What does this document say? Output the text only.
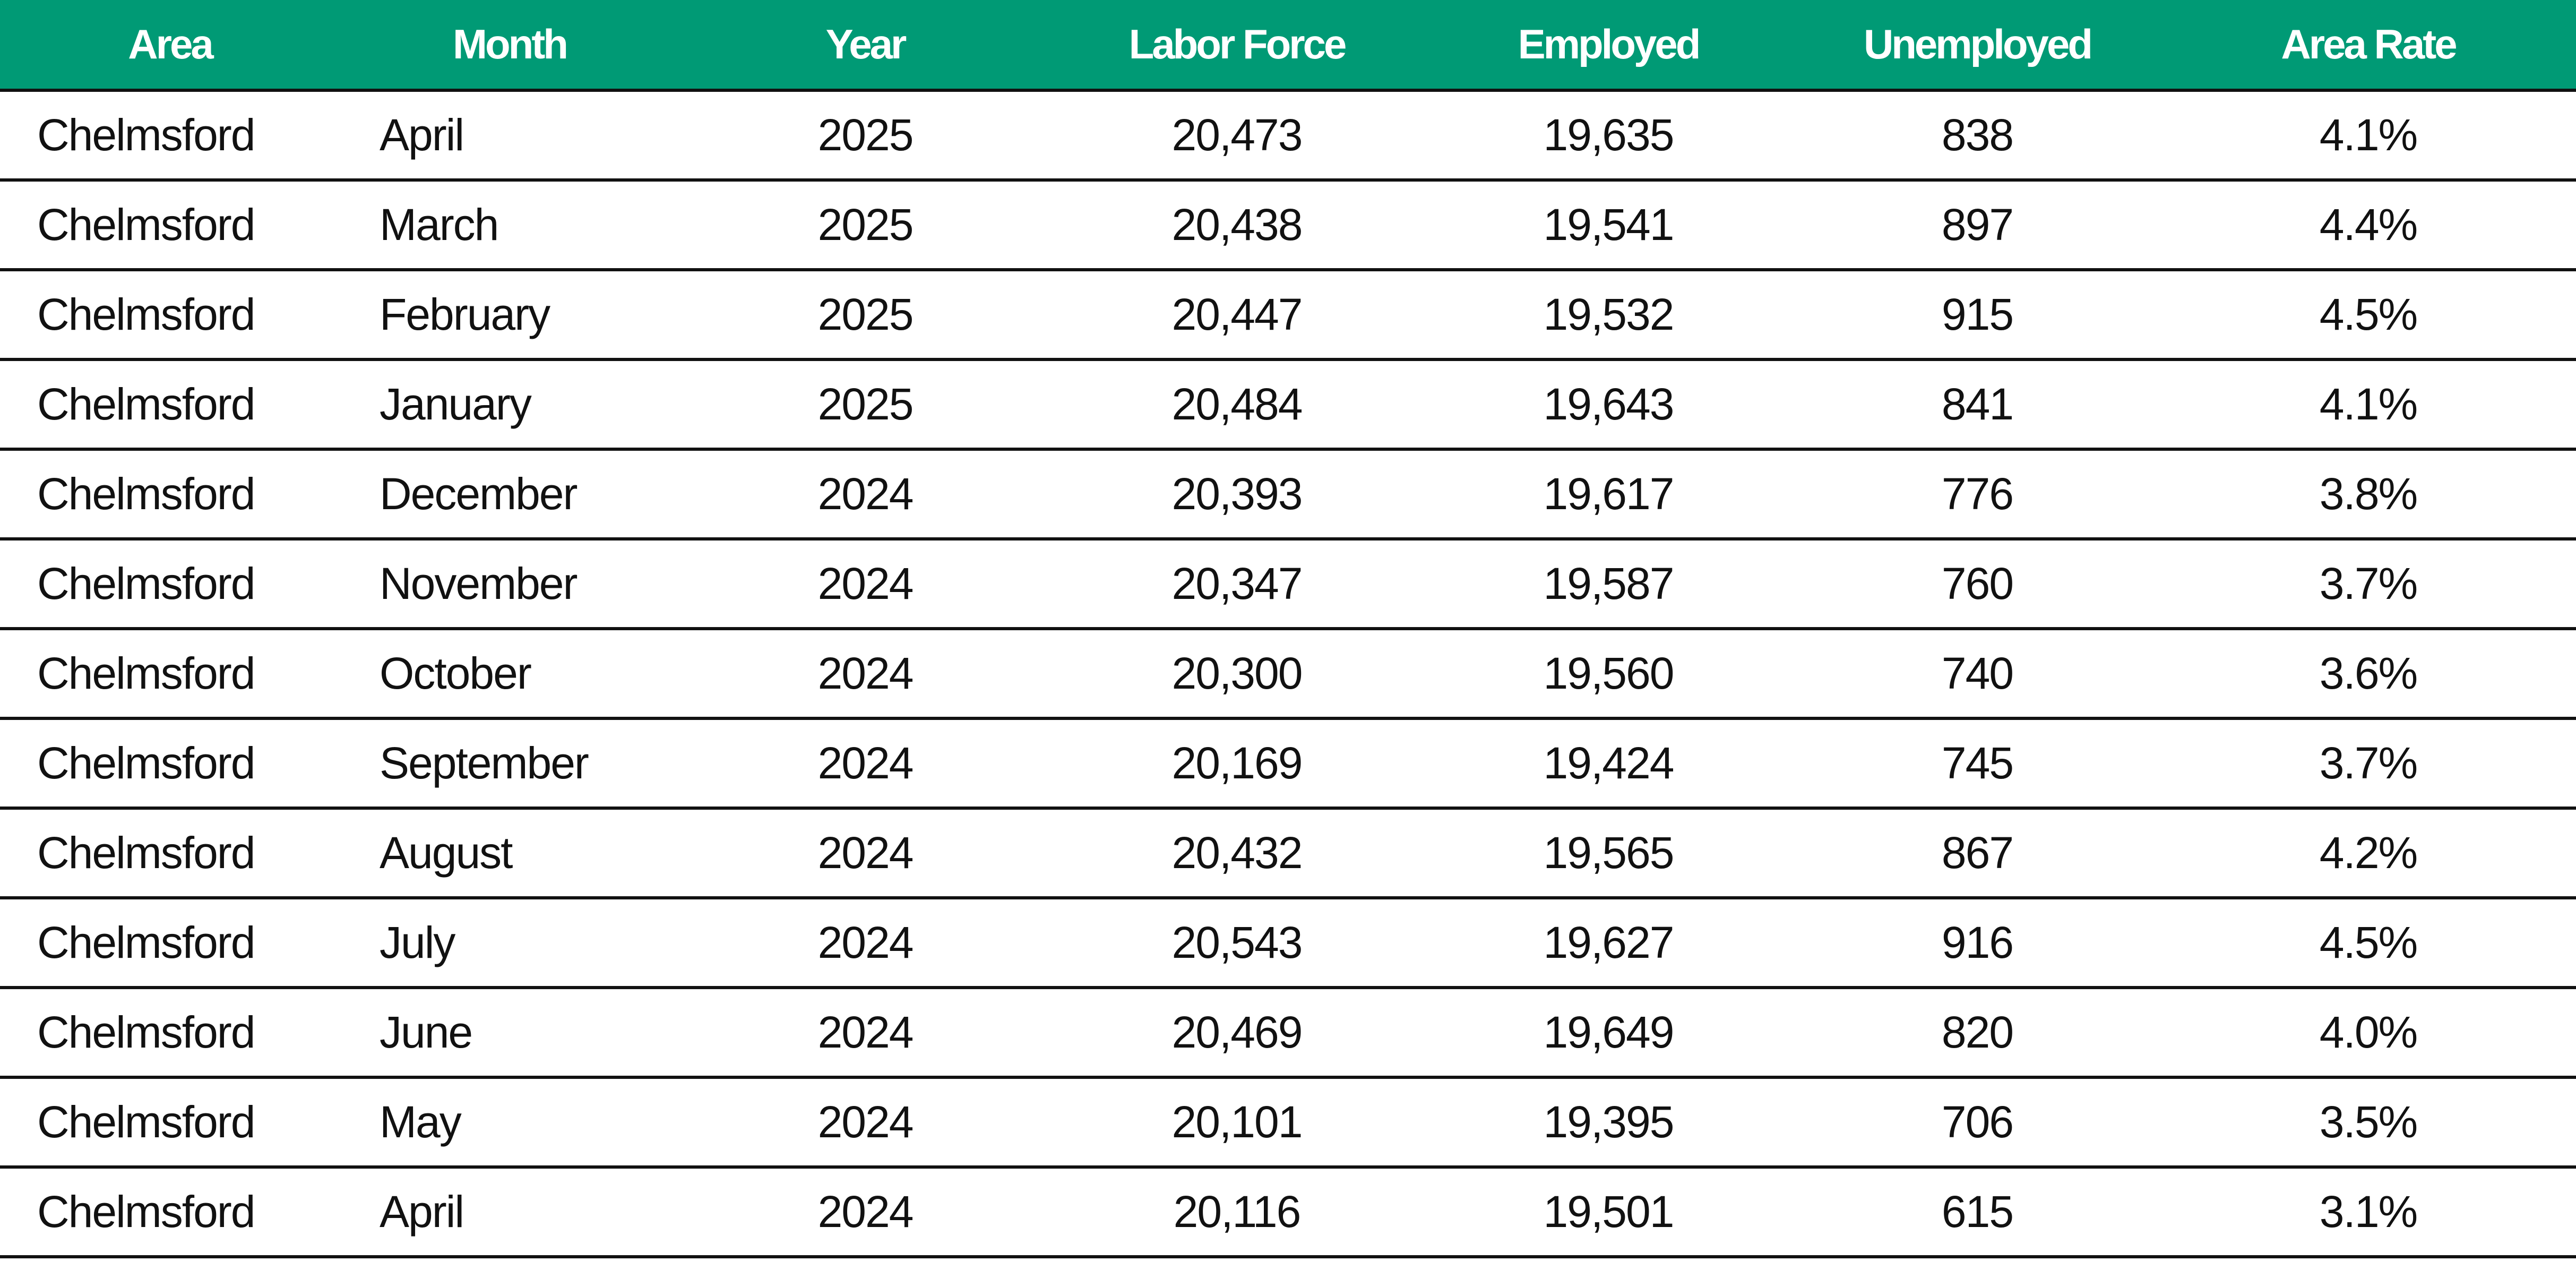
Area	Month	Year	Labor Force	Employed	Unemployed	Area Rate
Chelmsford	April	2025	20,473	19,635	838	4.1%
Chelmsford	March	2025	20,438	19,541	897	4.4%
Chelmsford	February	2025	20,447	19,532	915	4.5%
Chelmsford	January	2025	20,484	19,643	841	4.1%
Chelmsford	December	2024	20,393	19,617	776	3.8%
Chelmsford	November	2024	20,347	19,587	760	3.7%
Chelmsford	October	2024	20,300	19,560	740	3.6%
Chelmsford	September	2024	20,169	19,424	745	3.7%
Chelmsford	August	2024	20,432	19,565	867	4.2%
Chelmsford	July	2024	20,543	19,627	916	4.5%
Chelmsford	June	2024	20,469	19,649	820	4.0%
Chelmsford	May	2024	20,101	19,395	706	3.5%
Chelmsford	April	2024	20,116	19,501	615	3.1%
